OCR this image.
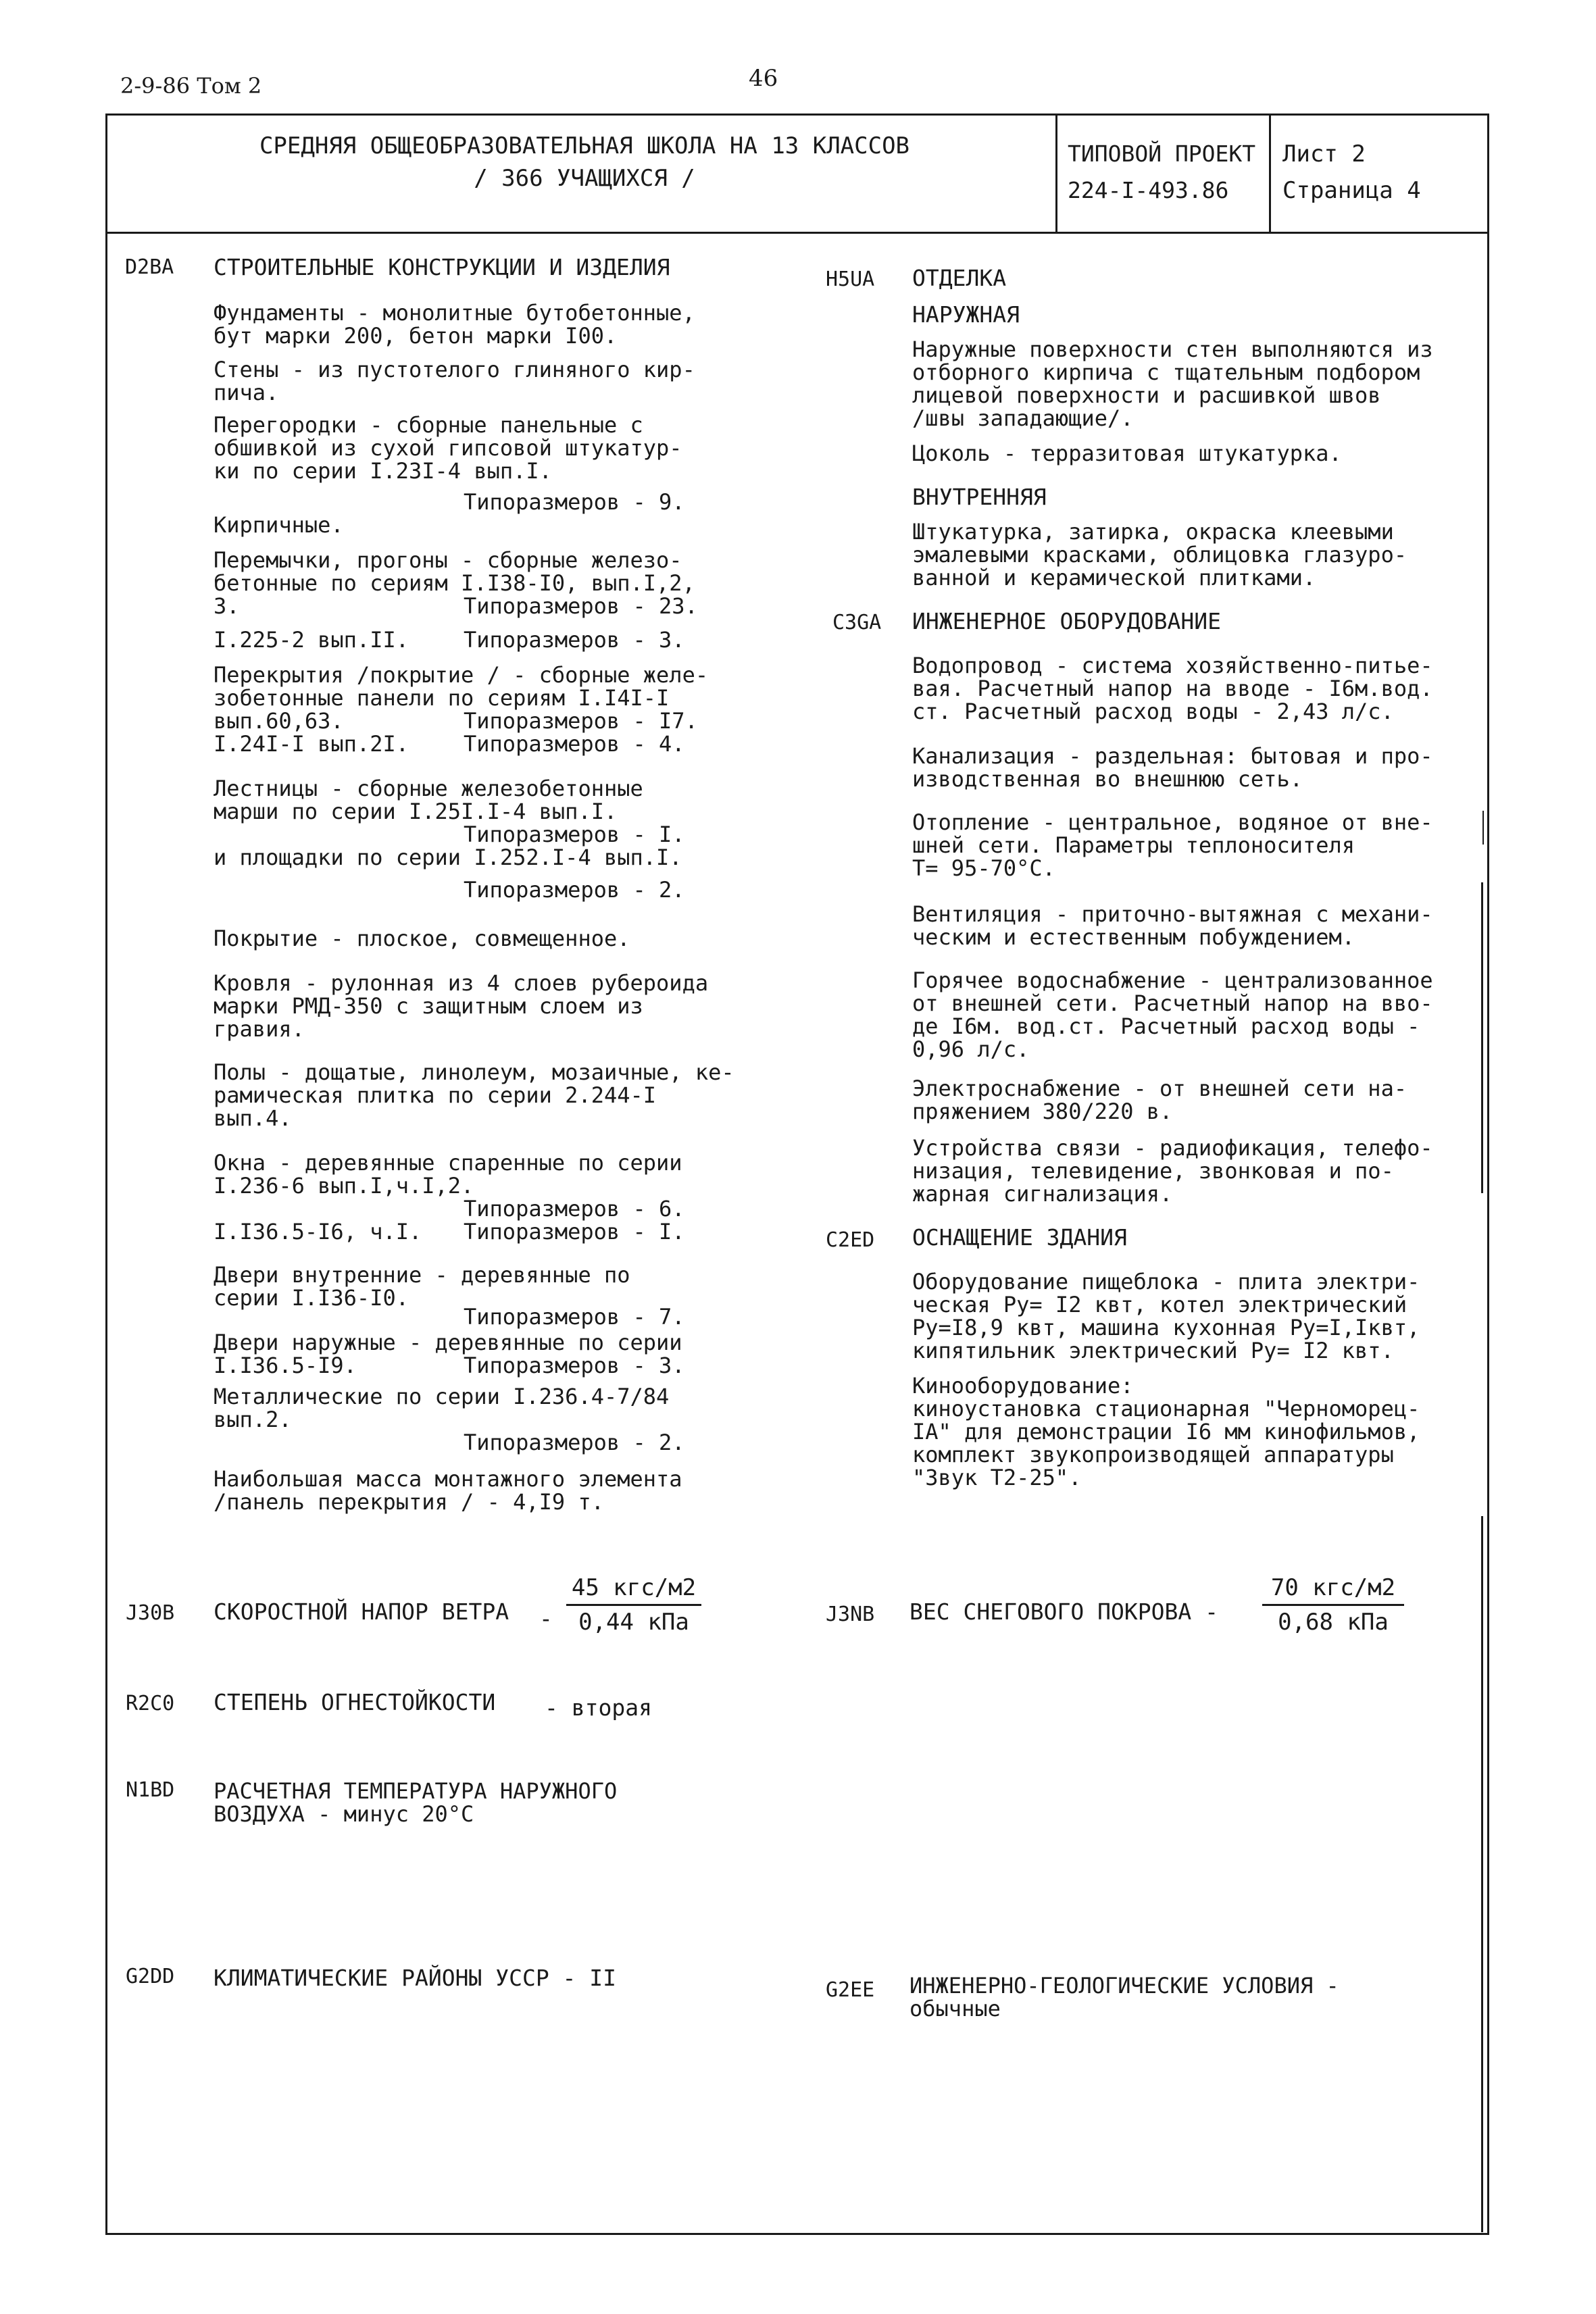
2-9-86 Том 2	46
СРЕДНЯЯ ОБЩЕОБРАЗОВАТЕЛЬНАЯ ШКОЛА НА 13 КЛАССОВ
/ 366 УЧАЩИХСЯ /
ТИПОВОЙ ПРОЕКТ
224-I-493.86
Лист 2
Страница 4
D2BA СТРОИТЕЛЬНЫЕ КОНСТРУКЦИИ И ИЗДЕЛИЯ

Фундаменты - монолитные бутобетонные,

бут марки 200, бетон марки I00.

Стены - из пустотелого глиняного кир-

пича.

Перегородки - сборные панельные с

обшивкой из сухой гипсовой штукатур-

ки по серии I.23I-4 вып.I.

Типоразмеров - 9.

Кирпичные.

Перемычки, прогоны - сборные железо-

бетонные по сериям I.I38-I0, вып.I,2,

3.	Типоразмеров - 23.

I.225-2 вып.II.	Типоразмеров - 3.

Перекрытия /покрытие / - сборные желе-

зобетонные панели по сериям I.I4I-I

вып.60,63.	Типоразмеров - I7.

I.24I-I вып.2I.	Типоразмеров - 4.

Лестницы - сборные железобетонные

марши по серии I.25I.I-4 вып.I.

Типоразмеров - I.

и площадки по серии I.252.I-4 вып.I.

Типоразмеров - 2.

Покрытие - плоское, совмещенное.

Кровля - рулонная из 4 слоев рубероида

марки РМД-350 с защитным слоем из

гравия.

Полы - дощатые, линолеум, мозаичные, ке-

рамическая плитка по серии 2.244-I

вып.4.

Окна - деревянные спаренные по серии

I.236-6 вып.I,ч.I,2.

Типоразмеров - 6.

I.I36.5-I6, ч.I. Типоразмеров - I.

Двери внутренние - деревянные по

серии I.I36-I0.

Типоразмеров - 7.

Двери наружные - деревянные по серии

I.I36.5-I9.	Типоразмеров - 3.

Металлические по серии I.236.4-7/84

вып.2.

Типоразмеров - 2.

Наибольшая масса монтажного элемента

/панель перекрытия / - 4,I9 т.

H5UA ОТДЕЛКА
НАРУЖНАЯ

Наружные поверхности стен выполняются из

отборного кирпича с тщательным подбором

лицевой поверхности и расшивкой швов

/швы западающие/.

Цоколь - терразитовая штукатурка.

ВНУТРЕННЯЯ

Штукатурка, затирка, окраска клеевыми

эмалевыми красками, облицовка глазуро-

ванной и керамической плитками.

C3GA ИНЖЕНЕРНОЕ ОБОРУДОВАНИЕ

Водопровод - система хозяйственно-питье-

вая. Расчетный напор на вводе - I6м.вод.

ст. Расчетный расход воды - 2,43 л/с.

Канализация - раздельная: бытовая и про-

изводственная во внешнюю сеть.

Отопление - центральное, водяное от вне-

шней сети. Параметры теплоносителя

T= 95-70°С.

Вентиляция - приточно-вытяжная с механи-

ческим и естественным побуждением.

Горячее водоснабжение - централизованное

от внешней сети. Расчетный напор на вво-

де I6м. вод.ст. Расчетный расход воды -

0,96 л/с.

Электроснабжение - от внешней сети на-

пряжением 380/220 в.

Устройства связи - радиофикация, телефо-

низация, телевидение, звонковая и по-

жарная сигнализация.

C2ED ОСНАЩЕНИЕ ЗДАНИЯ

Оборудование пищеблока - плита электри-

ческая Ру= I2 квт, котел электрический

Ру=I8,9 квт, машина кухонная Ру=I,Iквт,

кипятильник электрический Ру= I2 квт.

Кинооборудование:

киноустановка стационарная "Черноморец-

IA" для демонстрации I6 мм кинофильмов,

комплект звукопроизводящей аппаратуры

"Звук Т2-25".

J30B СКОРОСТНОЙ НАПОР ВЕТРА -
45 кгс/м2
0,44 кПа	J3NB ВЕС СНЕГОВОГО ПОКРОВА -
70 кгс/м2
0,68 кПа
R2C0 СТЕПЕНЬ ОГНЕСТОЙКОСТИ - вторая
N1BD РАСЧЕТНАЯ ТЕМПЕРАТУРА НАРУЖНОГО

ВОЗДУХА - минус 20°С

G2DD КЛИМАТИЧЕСКИЕ РАЙОНЫ УССР - II	G2EE ИНЖЕНЕРНО-ГЕОЛОГИЧЕСКИЕ УСЛОВИЯ -

обычные
